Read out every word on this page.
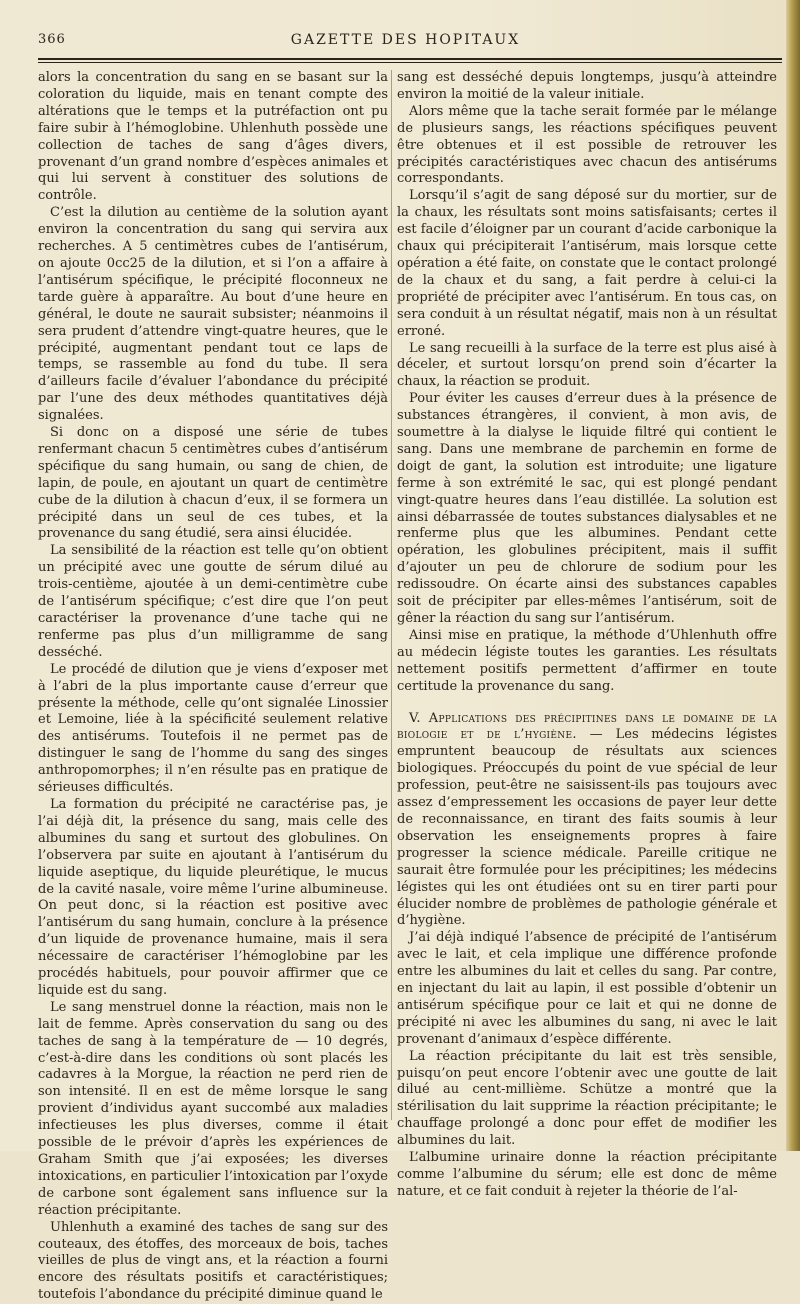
366	GAZETTE DES HOPITAUX

alors la concentration du sang en se basant sur la coloration du liquide, mais en tenant compte des altérations que le temps et la putréfaction ont pu faire subir à l’hémoglobine. Uhlenhuth possède une collection de taches de sang d’âges divers, provenant d’un grand nombre d’espèces animales et qui lui servent à constituer des solutions de contrôle.

C’est la dilution au centième de la solution ayant environ la concentration du sang qui servira aux recherches. A 5 centimètres cubes de l’antisérum, on ajoute 0cc25 de la dilution, et si l’on a affaire à l’antisérum spécifique, le précipité floconneux ne tarde guère à apparaître. Au bout d’une heure en général, le doute ne saurait subsister; néanmoins il sera prudent d’attendre vingt-quatre heures, que le précipité, augmentant pendant tout ce laps de temps, se rassemble au fond du tube. Il sera d’ailleurs facile d’évaluer l’abondance du précipité par l’une des deux méthodes quantitatives déjà signalées.

Si donc on a disposé une série de tubes renfermant chacun 5 centimètres cubes d’antisérum spécifique du sang humain, ou sang de chien, de lapin, de poule, en ajoutant un quart de centimètre cube de la dilution à chacun d’eux, il se formera un précipité dans un seul de ces tubes, et la provenance du sang étudié, sera ainsi élucidée.

La sensibilité de la réaction est telle qu’on obtient un précipité avec une goutte de sérum dilué au trois-centième, ajoutée à un demi-centimètre cube de l’antisérum spécifique; c’est dire que l’on peut caractériser la provenance d’une tache qui ne renferme pas plus d’un milligramme de sang desséché.

Le procédé de dilution que je viens d’exposer met à l’abri de la plus importante cause d’erreur que présente la méthode, celle qu’ont signalée Linossier et Lemoine, liée à la spécificité seulement relative des antisérums. Toutefois il ne permet pas de distinguer le sang de l’homme du sang des singes anthropomorphes; il n’en résulte pas en pratique de sérieuses difficultés.

La formation du précipité ne caractérise pas, je l’ai déjà dit, la présence du sang, mais celle des albumines du sang et surtout des globulines. On l’observera par suite en ajoutant à l’antisérum du liquide aseptique, du liquide pleurétique, le mucus de la cavité nasale, voire même l’urine albumineuse. On peut donc, si la réaction est positive avec l’antisérum du sang humain, conclure à la présence d’un liquide de provenance humaine, mais il sera nécessaire de caractériser l’hémoglobine par les procédés habituels, pour pouvoir affirmer que ce liquide est du sang.

Le sang menstruel donne la réaction, mais non le lait de femme. Après conservation du sang ou des taches de sang à la température de — 10 degrés, c’est-à-dire dans les conditions où sont placés les cadavres à la Morgue, la réaction ne perd rien de son intensité. Il en est de même lorsque le sang provient d’individus ayant succombé aux maladies infectieuses les plus diverses, comme il était possible de le prévoir d’après les expériences de Graham Smith que j’ai exposées; les diverses intoxications, en particulier l’intoxication par l’oxyde de carbone sont également sans influence sur la réaction précipitante.

Uhlenhuth a examiné des taches de sang sur des couteaux, des étoffes, des morceaux de bois, taches vieilles de plus de vingt ans, et la réaction a fourni encore des résultats positifs et caractéristiques; toutefois l’abondance du précipité diminue quand le

sang est desséché depuis longtemps, jusqu’à atteindre environ la moitié de la valeur initiale.

Alors même que la tache serait formée par le mélange de plusieurs sangs, les réactions spécifiques peuvent être obtenues et il est possible de retrouver les précipités caractéristiques avec chacun des antisérums correspondants.

Lorsqu’il s’agit de sang déposé sur du mortier, sur de la chaux, les résultats sont moins satisfaisants; certes il est facile d’éloigner par un courant d’acide carbonique la chaux qui précipiterait l’antisérum, mais lorsque cette opération a été faite, on constate que le contact prolongé de la chaux et du sang, a fait perdre à celui-ci la propriété de précipiter avec l’antisérum. En tous cas, on sera conduit à un résultat négatif, mais non à un résultat erroné.

Le sang recueilli à la surface de la terre est plus aisé à déceler, et surtout lorsqu’on prend soin d’écarter la chaux, la réaction se produit.

Pour éviter les causes d’erreur dues à la présence de substances étrangères, il convient, à mon avis, de soumettre à la dialyse le liquide filtré qui contient le sang. Dans une membrane de parchemin en forme de doigt de gant, la solution est introduite; une ligature ferme à son extrémité le sac, qui est plongé pendant vingt-quatre heures dans l’eau distillée. La solution est ainsi débarrassée de toutes substances dialysables et ne renferme plus que les albumines. Pendant cette opération, les globulines précipitent, mais il suffit d’ajouter un peu de chlorure de sodium pour les redissoudre. On écarte ainsi des substances capables soit de précipiter par elles-mêmes l’antisérum, soit de gêner la réaction du sang sur l’antisérum.

Ainsi mise en pratique, la méthode d’Uhlenhuth offre au médecin légiste toutes les garanties. Les résultats nettement positifs permettent d’affirmer en toute certitude la provenance du sang.

V. Applications des précipitines dans le domaine de la biologie et de l’hygiène. — Les médecins légistes empruntent beaucoup de résultats aux sciences biologiques. Préoccupés du point de vue spécial de leur profession, peut-être ne saisissent-ils pas toujours avec assez d’empressement les occasions de payer leur dette de reconnaissance, en tirant des faits soumis à leur observation les enseignements propres à faire progresser la science médicale. Pareille critique ne saurait être formulée pour les précipitines; les médecins légistes qui les ont étudiées ont su en tirer parti pour élucider nombre de problèmes de pathologie générale et d’hygiène.

J’ai déjà indiqué l’absence de précipité de l’antisérum avec le lait, et cela implique une différence profonde entre les albumines du lait et celles du sang. Par contre, en injectant du lait au lapin, il est possible d’obtenir un antisérum spécifique pour ce lait et qui ne donne de précipité ni avec les albumines du sang, ni avec le lait provenant d’animaux d’espèce différente.

La réaction précipitante du lait est très sensible, puisqu’on peut encore l’obtenir avec une goutte de lait dilué au cent-millième. Schütze a montré que la stérilisation du lait supprime la réaction précipitante; le chauffage prolongé a donc pour effet de modifier les albumines du lait.

L’albumine urinaire donne la réaction précipitante comme l’albumine du sérum; elle est donc de même nature, et ce fait conduit à rejeter la théorie de l’al-
